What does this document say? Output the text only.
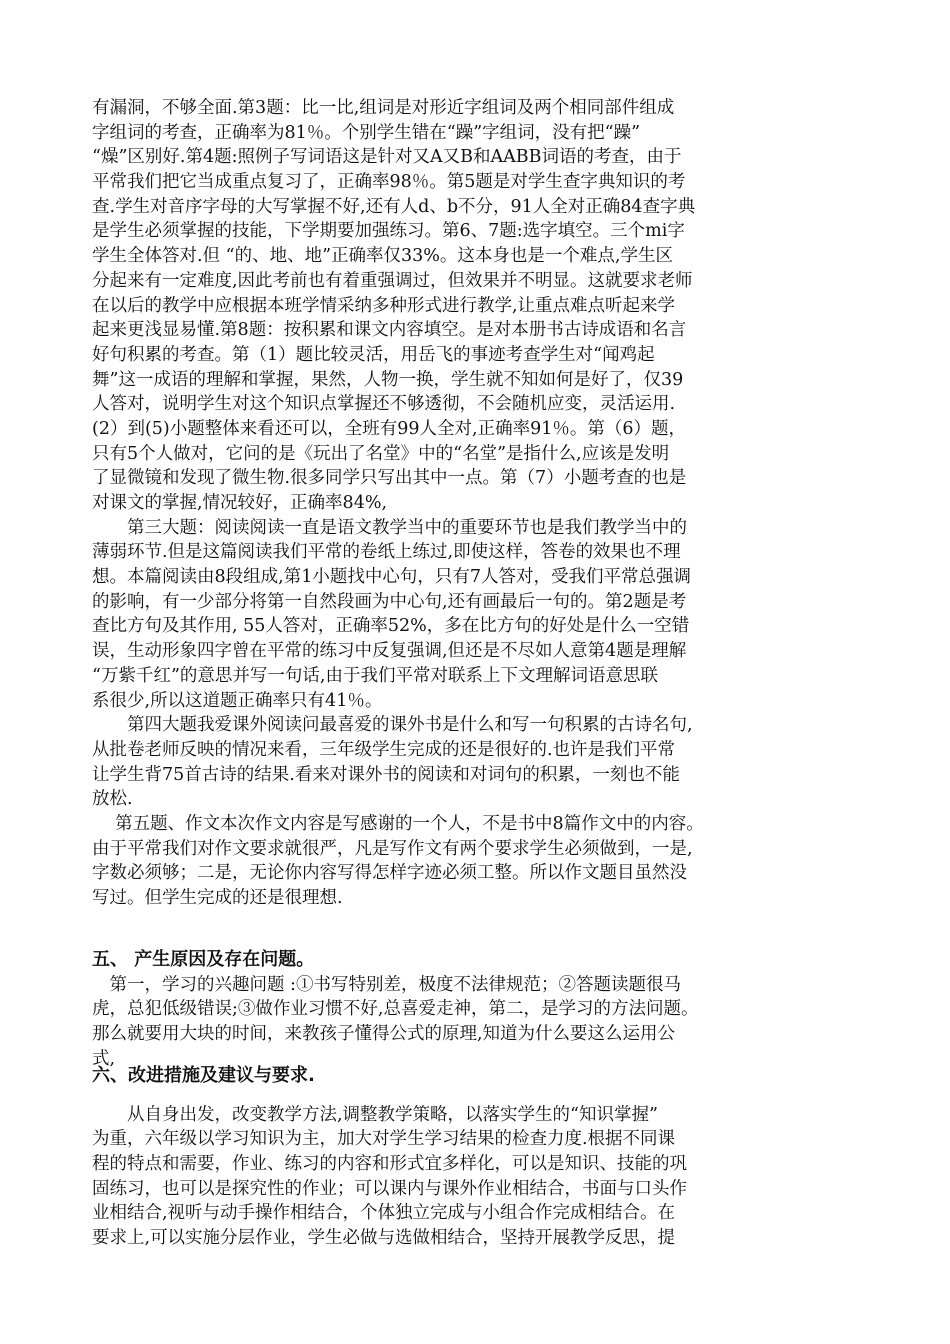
有漏洞，不够全面.第3题：比一比,组词是对形近字组词及两个相同部件组成
字组词的考查，正确率为81％。个别学生错在“躁”字组词，没有把“躁”
“燥”区别好.第4题:照例子写词语这是针对又A又B和AABB词语的考查，由于
平常我们把它当成重点复习了，正确率98％。第5题是对学生查字典知识的考
查.学生对音序字母的大写掌握不好,还有人d、b不分，91人全对正确84查字典
是学生必须掌握的技能，下学期要加强练习。第6、7题:选字填空。三个mi字
学生全体答对.但 “的、地、地”正确率仅33%。这本身也是一个难点,学生区
分起来有一定难度,因此考前也有着重强调过，但效果并不明显。这就要求老师
在以后的教学中应根据本班学情采纳多种形式进行教学,让重点难点听起来学
起来更浅显易懂.第8题：按积累和课文内容填空。是对本册书古诗成语和名言
好句积累的考查。第（1）题比较灵活，用岳飞的事迹考查学生对“闻鸡起
舞”这一成语的理解和掌握，果然，人物一换，学生就不知如何是好了，仅39
人答对，说明学生对这个知识点掌握还不够透彻，不会随机应变，灵活运用.
(2）到(5)小题整体来看还可以，全班有99人全对,正确率91％。第（6）题，
只有5个人做对，它问的是《玩出了名堂》中的“名堂”是指什么,应该是发明
了显微镜和发现了微生物.很多同学只写出其中一点。第（7）小题考查的也是
对课文的掌握,情况较好，正确率84%,
　　第三大题：阅读阅读一直是语文教学当中的重要环节也是我们教学当中的
薄弱环节.但是这篇阅读我们平常的卷纸上练过,即使这样，答卷的效果也不理
想。本篇阅读由8段组成,第1小题找中心句，只有7人答对，受我们平常总强调
的影响，有一少部分将第一自然段画为中心句,还有画最后一句的。第2题是考
查比方句及其作用, 55人答对，正确率52%，多在比方句的好处是什么一空错
误，生动形象四字曾在平常的练习中反复强调,但还是不尽如人意第4题是理解
“万紫千红”的意思并写一句话,由于我们平常对联系上下文理解词语意思联
系很少,所以这道题正确率只有41％。
　　第四大题我爱课外阅读问最喜爱的课外书是什么和写一句积累的古诗名句,
从批卷老师反映的情况来看，三年级学生完成的还是很好的.也许是我们平常
让学生背75首古诗的结果.看来对课外书的阅读和对词句的积累，一刻也不能
放松.
　 第五题、作文本次作文内容是写感谢的一个人，不是书中8篇作文中的内容。
由于平常我们对作文要求就很严，凡是写作文有两个要求学生必须做到，一是,
字数必须够；二是，无论你内容写得怎样字迹必须工整。所以作文题目虽然没
写过。但学生完成的还是很理想.
五、 产生原因及存在问题。
　第一，学习的兴趣问题 :①书写特别差，极度不法律规范；②答题读题很马
虎，总犯低级错误;③做作业习惯不好,总喜爱走神，第二，是学习的方法问题。
那么就要用大块的时间，来教孩子懂得公式的原理,知道为什么要这么运用公
式,
六、改进措施及建议与要求.
　　从自身出发，改变教学方法,调整教学策略，以落实学生的“知识掌握”
为重，六年级以学习知识为主，加大对学生学习结果的检查力度.根据不同课
程的特点和需要，作业、练习的内容和形式宜多样化，可以是知识、技能的巩
固练习，也可以是探究性的作业；可以课内与课外作业相结合，书面与口头作
业相结合,视听与动手操作相结合，个体独立完成与小组合作完成相结合。在
要求上,可以实施分层作业，学生必做与选做相结合，坚持开展教学反思，提
